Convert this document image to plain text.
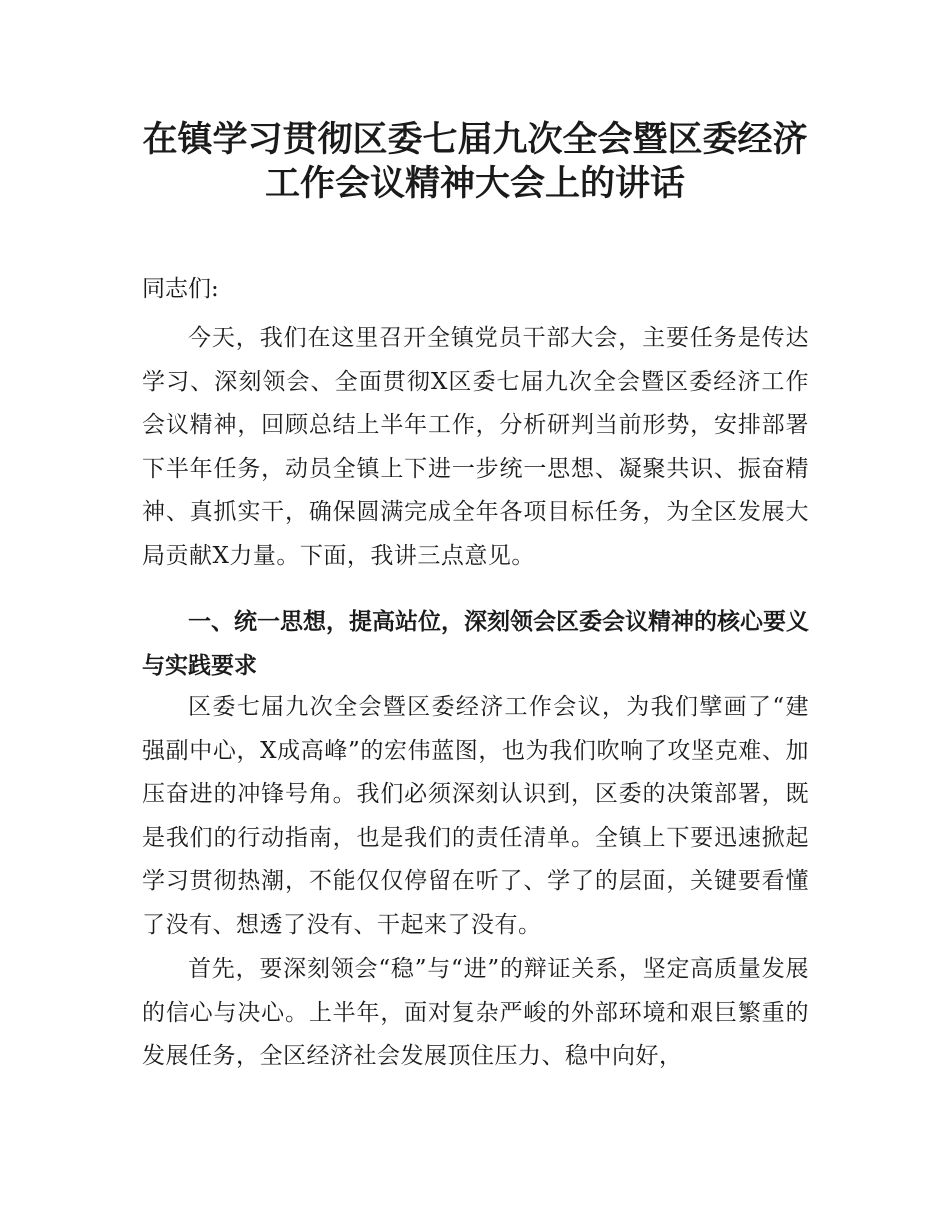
在镇学习贯彻区委七届九次全会暨区委经济
工作会议精神大会上的讲话
同志们:
今天，我们在这里召开全镇党员干部大会，主要任务是传达学习、深刻领会、全面贯彻X区委七届九次全会暨区委经济工作会议精神，回顾总结上半年工作，分析研判当前形势，安排部署下半年任务，动员全镇上下进一步统一思想、凝聚共识、振奋精神、真抓实干，确保圆满完成全年各项目标任务，为全区发展大局贡献X力量。下面，我讲三点意见。
一、统一思想，提高站位，深刻领会区委会议精神的核心要义与实践要求
区委七届九次全会暨区委经济工作会议，为我们擘画了“建强副中心，X成高峰”的宏伟蓝图，也为我们吹响了攻坚克难、加压奋进的冲锋号角。我们必须深刻认识到，区委的决策部署，既是我们的行动指南，也是我们的责任清单。全镇上下要迅速掀起学习贯彻热潮，不能仅仅停留在听了、学了的层面，关键要看懂了没有、想透了没有、干起来了没有。
首先，要深刻领会“稳”与“进”的辩证关系，坚定高质量发展的信心与决心。上半年，面对复杂严峻的外部环境和艰巨繁重的发展任务，全区经济社会发展顶住压力、稳中向好，
